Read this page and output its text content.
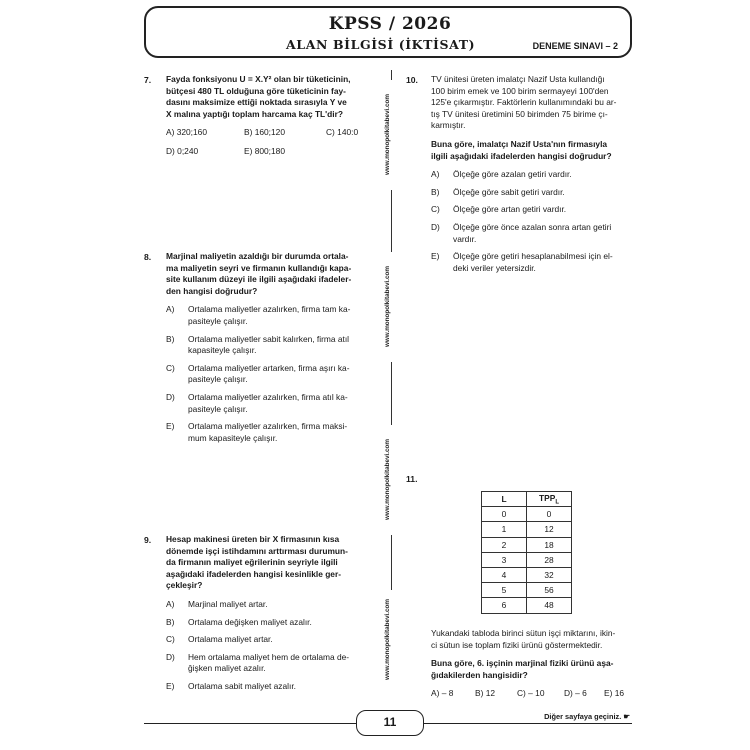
KPSS / 2026
ALAN BİLGİSİ (İKTİSAT)	DENEME SINAVI – 2
www.monopolkitabevi.com
www.monopolkitabevi.com
www.monopolkitabevi.com
www.monopolkitabevi.com
7. Fayda fonksiyonu U = X.Y² olan bir tüketicinin,
bütçesi 480 TL olduğuna göre tüketicinin fay-
dasını maksimize ettiği noktada sırasıyla Y ve
X malına yaptığı toplam harcama kaç TL'dir?
A) 320;160	B) 160;120	C) 140:0
D) 0;240	E) 800;180
8. Marjinal maliyetin azaldığı bir durumda ortala-
ma maliyetin seyri ve firmanın kullandığı kapa-
site kullanım düzeyi ile ilgili aşağıdaki ifadeler-
den hangisi doğrudur?
A) Ortalama maliyetler azalırken, firma tam ka-
pasiteyle çalışır.
B) Ortalama maliyetler sabit kalırken, firma atıl
kapasiteyle çalışır.
C) Ortalama maliyetler artarken, firma aşırı ka-
pasiteyle çalışır.
D) Ortalama maliyetler azalırken, firma atıl ka-
pasiteyle çalışır.
E) Ortalama maliyetler azalırken, firma maksi-
mum kapasiteyle çalışır.
9. Hesap makinesi üreten bir X firmasının kısa
dönemde işçi istihdamını arttırması durumun-
da firmanın maliyet eğrilerinin seyriyle ilgili
aşağıdaki ifadelerden hangisi kesinlikle ger-
çekleşir?
A) Marjinal maliyet artar.
B) Ortalama değişken maliyet azalır.
C) Ortalama maliyet artar.
D) Hem ortalama maliyet hem de ortalama de-
ğişken maliyet azalır.
E) Ortalama sabit maliyet azalır.
10. TV ünitesi üreten imalatçı Nazif Usta kullandığı
100 birim emek ve 100 birim sermayeyi 100'den
125'e çıkarmıştır. Faktörlerin kullanımındaki bu ar-
tış TV ünitesi üretimini 50 birimden 75 birime çı-
karmıştır.
Buna göre, imalatçı Nazif Usta'nın firmasıyla
ilgili aşağıdaki ifadelerden hangisi doğrudur?
A) Ölçeğe göre azalan getiri vardır.
B) Ölçeğe göre sabit getiri vardır.
C) Ölçeğe göre artan getiri vardır.
D) Ölçeğe göre önce azalan sonra artan getiri
vardır.
E) Ölçeğe göre getiri hesaplanabilmesi için el-
deki veriler yetersizdir.
11.
L	$TPP_L$
0	0
1	12
2	18
3	28
4	32
5	56
6	48
Yukandaki tabloda birinci sütun işçi miktarını, ikin-
ci sütun ise toplam fiziki ürünü göstermektedir.
Buna göre, 6. işçinin marjinal fiziki ürünü aşa-
ğıdakilerden hangisidir?
A) – 8	B) 12	C) – 10 D) – 6 E) 16
11	Diğer sayfaya geçiniz. ☛
